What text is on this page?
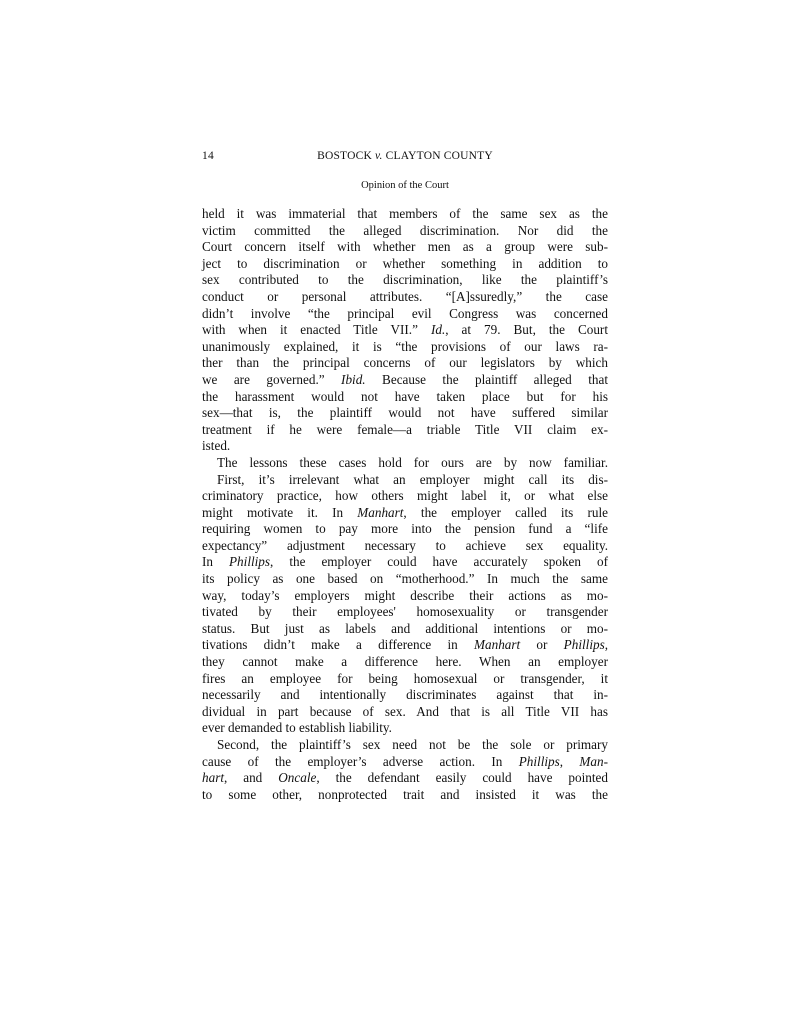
14	BOSTOCK v. CLAYTON COUNTY
Opinion of the Court
held it was immaterial that members of the same sex as the
victim committed the alleged discrimination. Nor did the
Court concern itself with whether men as a group were sub-
ject to discrimination or whether something in addition to
sex contributed to the discrimination, like the plaintiff’s
conduct or personal attributes. “[A]ssuredly,” the case
didn’t involve “the principal evil Congress was concerned
with when it enacted Title VII.” Id., at 79. But, the Court
unanimously explained, it is “the provisions of our laws ra-
ther than the principal concerns of our legislators by which
we are governed.” Ibid. Because the plaintiff alleged that
the harassment would not have taken place but for his
sex—that is, the plaintiff would not have suffered similar
treatment if he were female—a triable Title VII claim ex-
isted.
The lessons these cases hold for ours are by now familiar.
First, it’s irrelevant what an employer might call its dis-
criminatory practice, how others might label it, or what else
might motivate it. In Manhart, the employer called its rule
requiring women to pay more into the pension fund a “life
expectancy” adjustment necessary to achieve sex equality.
In Phillips, the employer could have accurately spoken of
its policy as one based on “motherhood.” In much the same
way, today’s employers might describe their actions as mo-
tivated by their employees' homosexuality or transgender
status. But just as labels and additional intentions or mo-
tivations didn’t make a difference in Manhart or Phillips,
they cannot make a difference here. When an employer
fires an employee for being homosexual or transgender, it
necessarily and intentionally discriminates against that in-
dividual in part because of sex. And that is all Title VII has
ever demanded to establish liability.
Second, the plaintiff’s sex need not be the sole or primary
cause of the employer’s adverse action. In Phillips, Man-
hart, and Oncale, the defendant easily could have pointed
to some other, nonprotected trait and insisted it was the
